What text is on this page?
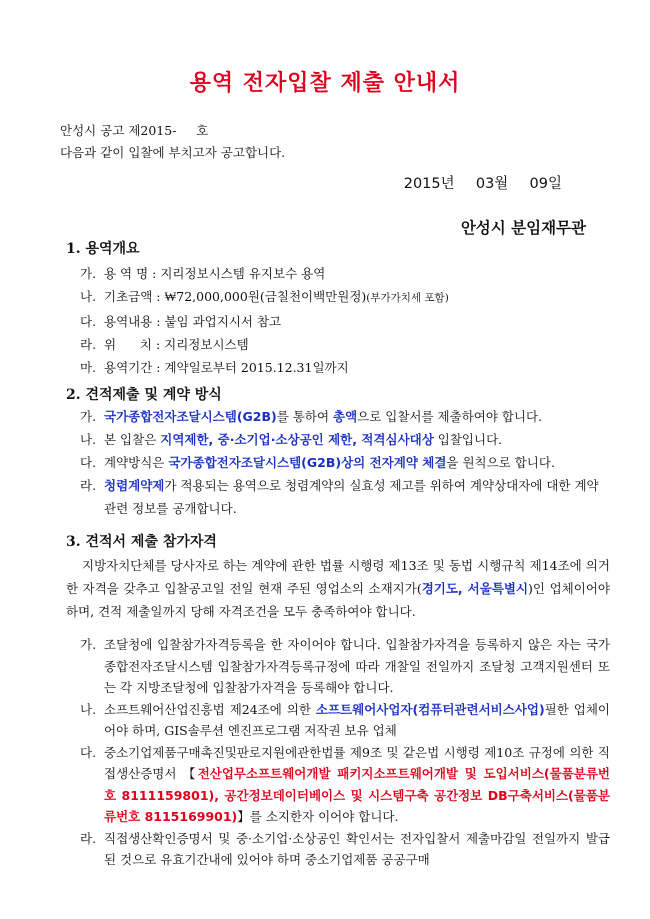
용역 전자입찰 제출 안내서
안성시 공고 제2015-     호
다음과 같이 입찰에 부치고자 공고합니다.
2015년  03월  09일
안성시 분임재무관
1. 용역개요
가. 용 역 명 : 지리정보시스템 유지보수 용역
나. 기초금액 : ₩72,000,000원(금칠천이백만원정)(부가가치세 포함)
다. 용역내용 : 붙임 과업지시서 참고
라. 위      치 : 지리정보시스템
마. 용역기간 : 계약일로부터 2015.12.31일까지
2. 견적제출 및 계약 방식
가. 국가종합전자조달시스템(G2B)를 통하여 총액으로 입찰서를 제출하여야 합니다.
나. 본 입찰은 지역제한, 중·소기업·소상공인 제한, 적격심사대상 입찰입니다.
다. 계약방식은 국가종합전자조달시스템(G2B)상의 전자계약 체결을 원칙으로 합니다.
라. 청렴계약제가 적용되는 용역으로 청렴계약의 실효성 제고를 위하여 계약상대자에 대한 계약관련 정보를 공개합니다.
3. 견적서 제출 참가자격
지방자치단체를 당사자로 하는 계약에 관한 법률 시행령 제13조 및 동법 시행규칙 제14조에 의거한 자격을 갖추고 입찰공고일 전일 현재 주된 영업소의 소재지가(경기도, 서울특별시)인 업체이어야 하며, 견적 제출일까지 당해 자격조건을 모두 충족하여야 합니다.
가. 조달청에 입찰참가자격등록을 한 자이어야 합니다. 입찰참가자격을 등록하지 않은 자는 국가종합전자조달시스템 입찰참가자격등록규정에 따라 개찰일 전일까지 조달청 고객지원센터 또는 각 지방조달청에 입찰참가자격을 등록해야 합니다.
나. 소프트웨어산업진흥법 제24조에 의한 소프트웨어사업자(컴퓨터관련서비스사업)필한 업체이어야 하며, GIS솔루션 엔진프로그램 저작권 보유 업체
다. 중소기업제품구매촉진및판로지원에관한법률 제9조 및 같은법 시행령 제10조 규정에 의한 직접생산증명서 【전산업무소프트웨어개발 패키지소프트웨어개발 및 도입서비스(물품분류번호 8111159801), 공간정보데이터베이스 및 시스템구축 공간정보 DB구축서비스(물품분류번호 8115169901)】를 소지한자 이어야 합니다.
라. 직접생산확인증명서 및 중·소기업·소상공인 확인서는 전자입찰서 제출마감일 전일까지 발급된 것으로 유효기간내에 있어야 하며 중소기업제품 공공구매
